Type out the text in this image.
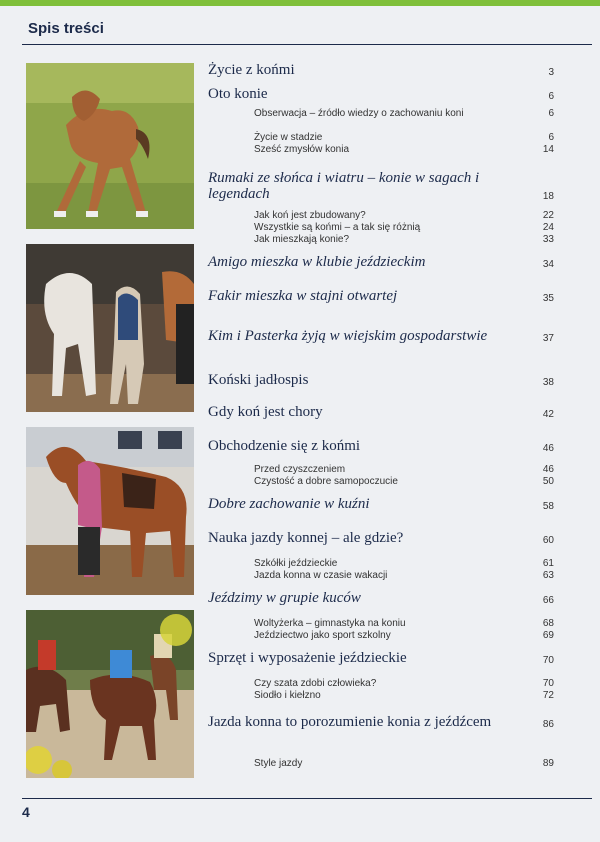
Spis treści
Życie z końmi	3
Oto konie	6
Obserwacja – źródło wiedzy o zachowaniu koni	6
Życie w stadzie	6
Sześć zmysłów konia	14
Rumaki ze słońca i wiatru – konie w sagach i legendach	18
Jak koń jest zbudowany?	22
Wszystkie są końmi – a tak się różnią	24
Jak mieszkają konie?	33
Amigo mieszka w klubie jeździeckim	34
Fakir mieszka w stajni otwartej	35
Kim i Pasterka żyją w wiejskim gospodarstwie	37
Koński jadłospis	38
Gdy koń jest chory	42
Obchodzenie się z końmi	46
Przed czyszczeniem	46
Czystość a dobre samopoczucie	50
Dobre zachowanie w kuźni	58
Nauka jazdy konnej – ale gdzie?	60
Szkółki jeździeckie	61
Jazda konna w czasie wakacji	63
Jeździmy w grupie kuców	66
Woltyżerka – gimnastyka na koniu	68
Jeździectwo jako sport szkolny	69
Sprzęt i wyposażenie jeździeckie	70
Czy szata zdobi człowieka?	70
Siodło i kiełzno	72
Jazda konna to porozumienie konia z jeźdźcem	86
Style jazdy	89
4
